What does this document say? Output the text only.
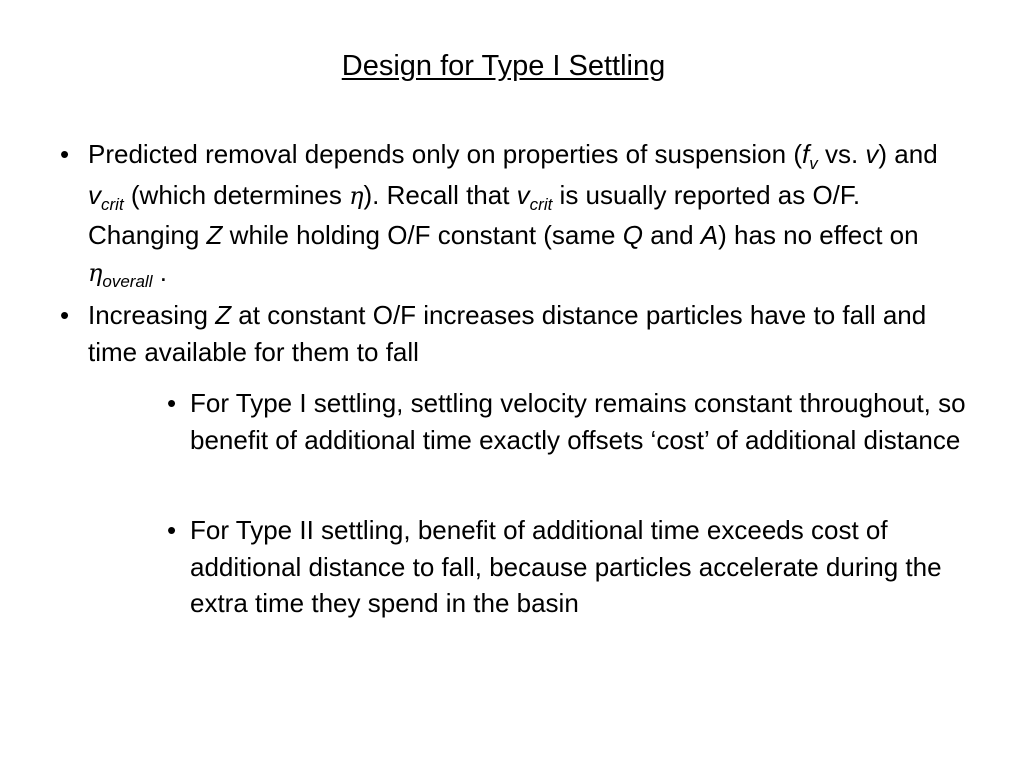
Design for Type I Settling
• Predicted removal depends only on properties of suspension ($f_v$ vs. v) and $v_{crit}$ (which determines η). Recall that $v_{crit}$ is usually reported as O/F. Changing Z while holding O/F constant (same Q and A) has no effect on $\eta_{overall}$ .
• Increasing Z at constant O/F increases distance particles have to fall and time available for them to fall
• For Type I settling, settling velocity remains constant throughout, so benefit of additional time exactly offsets ‘cost’ of additional distance
• For Type II settling, benefit of additional time exceeds cost of additional distance to fall, because particles accelerate during the extra time they spend in the basin
